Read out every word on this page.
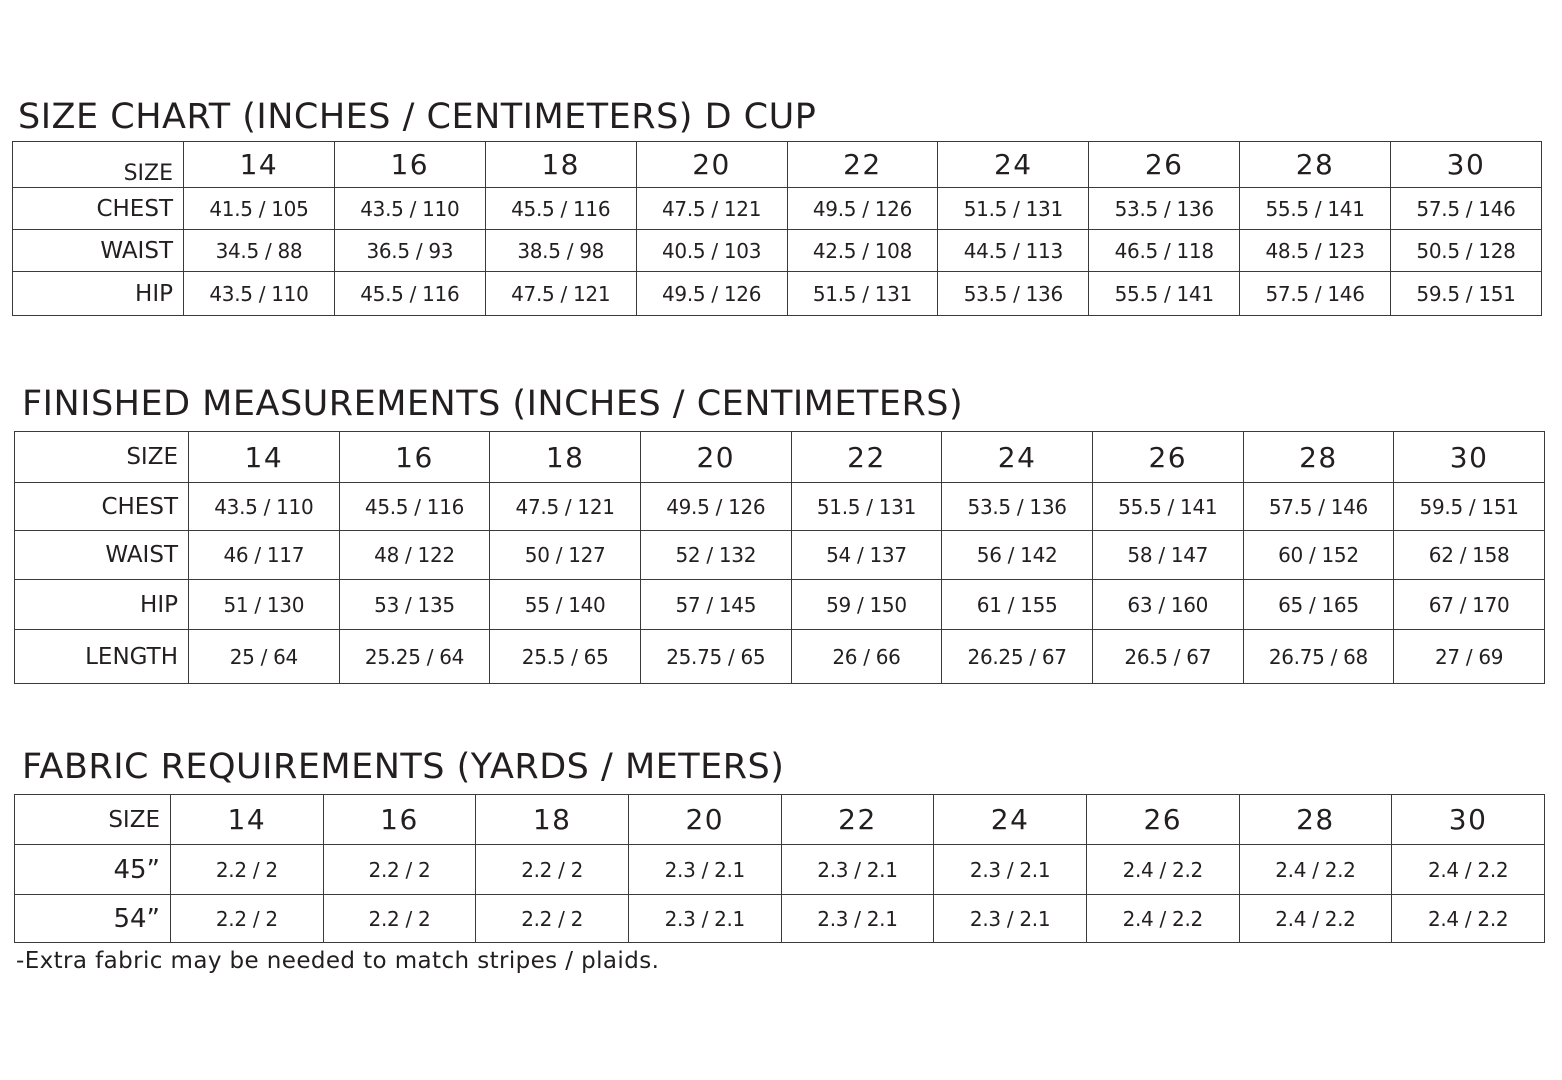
SIZE CHART (INCHES / CENTIMETERS) D CUP
SIZE	14	16	18	20	22	24	26	28	30
CHEST	41.5 / 105	43.5 / 110	45.5 / 116	47.5 / 121	49.5 / 126	51.5 / 131	53.5 / 136	55.5 / 141	57.5 / 146
WAIST	34.5 / 88	36.5 / 93	38.5 / 98	40.5 / 103	42.5 / 108	44.5 / 113	46.5 / 118	48.5 / 123	50.5 / 128
HIP	43.5 / 110	45.5 / 116	47.5 / 121	49.5 / 126	51.5 / 131	53.5 / 136	55.5 / 141	57.5 / 146	59.5 / 151
FINISHED MEASUREMENTS (INCHES / CENTIMETERS)
SIZE	14	16	18	20	22	24	26	28	30
CHEST	43.5 / 110	45.5 / 116	47.5 / 121	49.5 / 126	51.5 / 131	53.5 / 136	55.5 / 141	57.5 / 146	59.5 / 151
WAIST	46 / 117	48 / 122	50 / 127	52 / 132	54 / 137	56 / 142	58 / 147	60 / 152	62 / 158
HIP	51 / 130	53 / 135	55 / 140	57 / 145	59 / 150	61 / 155	63 / 160	65 / 165	67 / 170
LENGTH	25 / 64	25.25 / 64	25.5 / 65	25.75 / 65	26 / 66	26.25 / 67	26.5 / 67	26.75 / 68	27 / 69
FABRIC REQUIREMENTS (YARDS / METERS)
SIZE	14	16	18	20	22	24	26	28	30
45”	2.2 / 2	2.2 / 2	2.2 / 2	2.3 / 2.1	2.3 / 2.1	2.3 / 2.1	2.4 / 2.2	2.4 / 2.2	2.4 / 2.2
54”	2.2 / 2	2.2 / 2	2.2 / 2	2.3 / 2.1	2.3 / 2.1	2.3 / 2.1	2.4 / 2.2	2.4 / 2.2	2.4 / 2.2

-Extra fabric may be needed to match stripes / plaids.
